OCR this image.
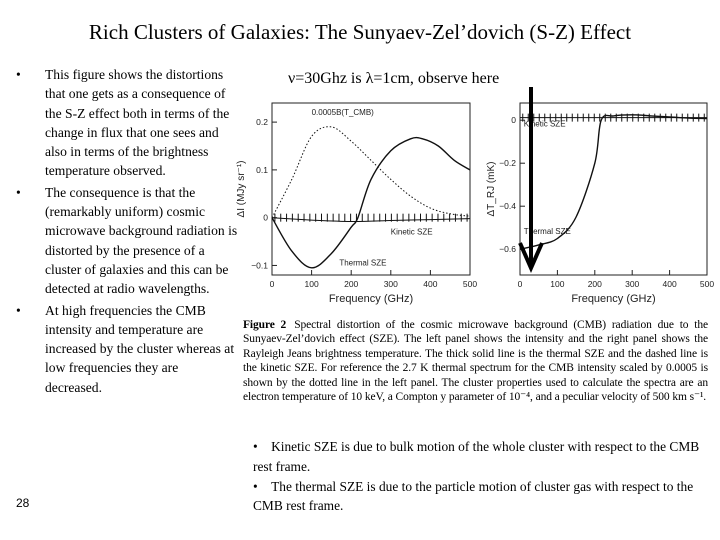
Rich Clusters of Galaxies: The Sunyaev-Zel’dovich (S-Z) Effect
• This figure shows the distortions that one gets as a consequence of the S-Z effect both in terms of the change in flux that one sees and also in terms of the brightness temperature observed.
• The consequence is that the (remarkably uniform) cosmic microwave background radiation is distorted by the presence of a cluster of galaxies and this can be detected at radio wavelengths.
• At high frequencies the CMB intensity and temperature are increased by the cluster whereas at low frequencies they are decreased.
28
ν=30Ghz is λ=1cm, observe here
0	100	200	300	400	500
−0.1
0
0.1
0.2
Frequency (GHz)
ΔI (MJy sr⁻¹)
0.0005B(T_CMB)
Kinetic SZE
Thermal SZE
0	100	200	300	400	500
−0.6
−0.4
−0.2
0
Frequency (GHz)
ΔT_RJ (mK)
Kinetic SZE
Thermal SZE
Figure 2 Spectral distortion of the cosmic microwave background (CMB) radiation due to the Sunyaev-Zel’dovich effect (SZE). The left panel shows the intensity and the right panel shows the Rayleigh Jeans brightness temperature. The thick solid line is the thermal SZE and the dashed line is the kinetic SZE. For reference the 2.7 K thermal spectrum for the CMB intensity scaled by 0.0005 is shown by the dotted line in the left panel. The cluster properties used to calculate the spectra are an electron temperature of 10 keV, a Compton y parameter of 10⁻⁴, and a peculiar velocity of 500 km s⁻¹.

• Kinetic SZE is due to bulk motion of the whole cluster with respect to the CMB rest frame.

• The thermal SZE is due to the particle motion of cluster gas with respect to the CMB rest frame.
